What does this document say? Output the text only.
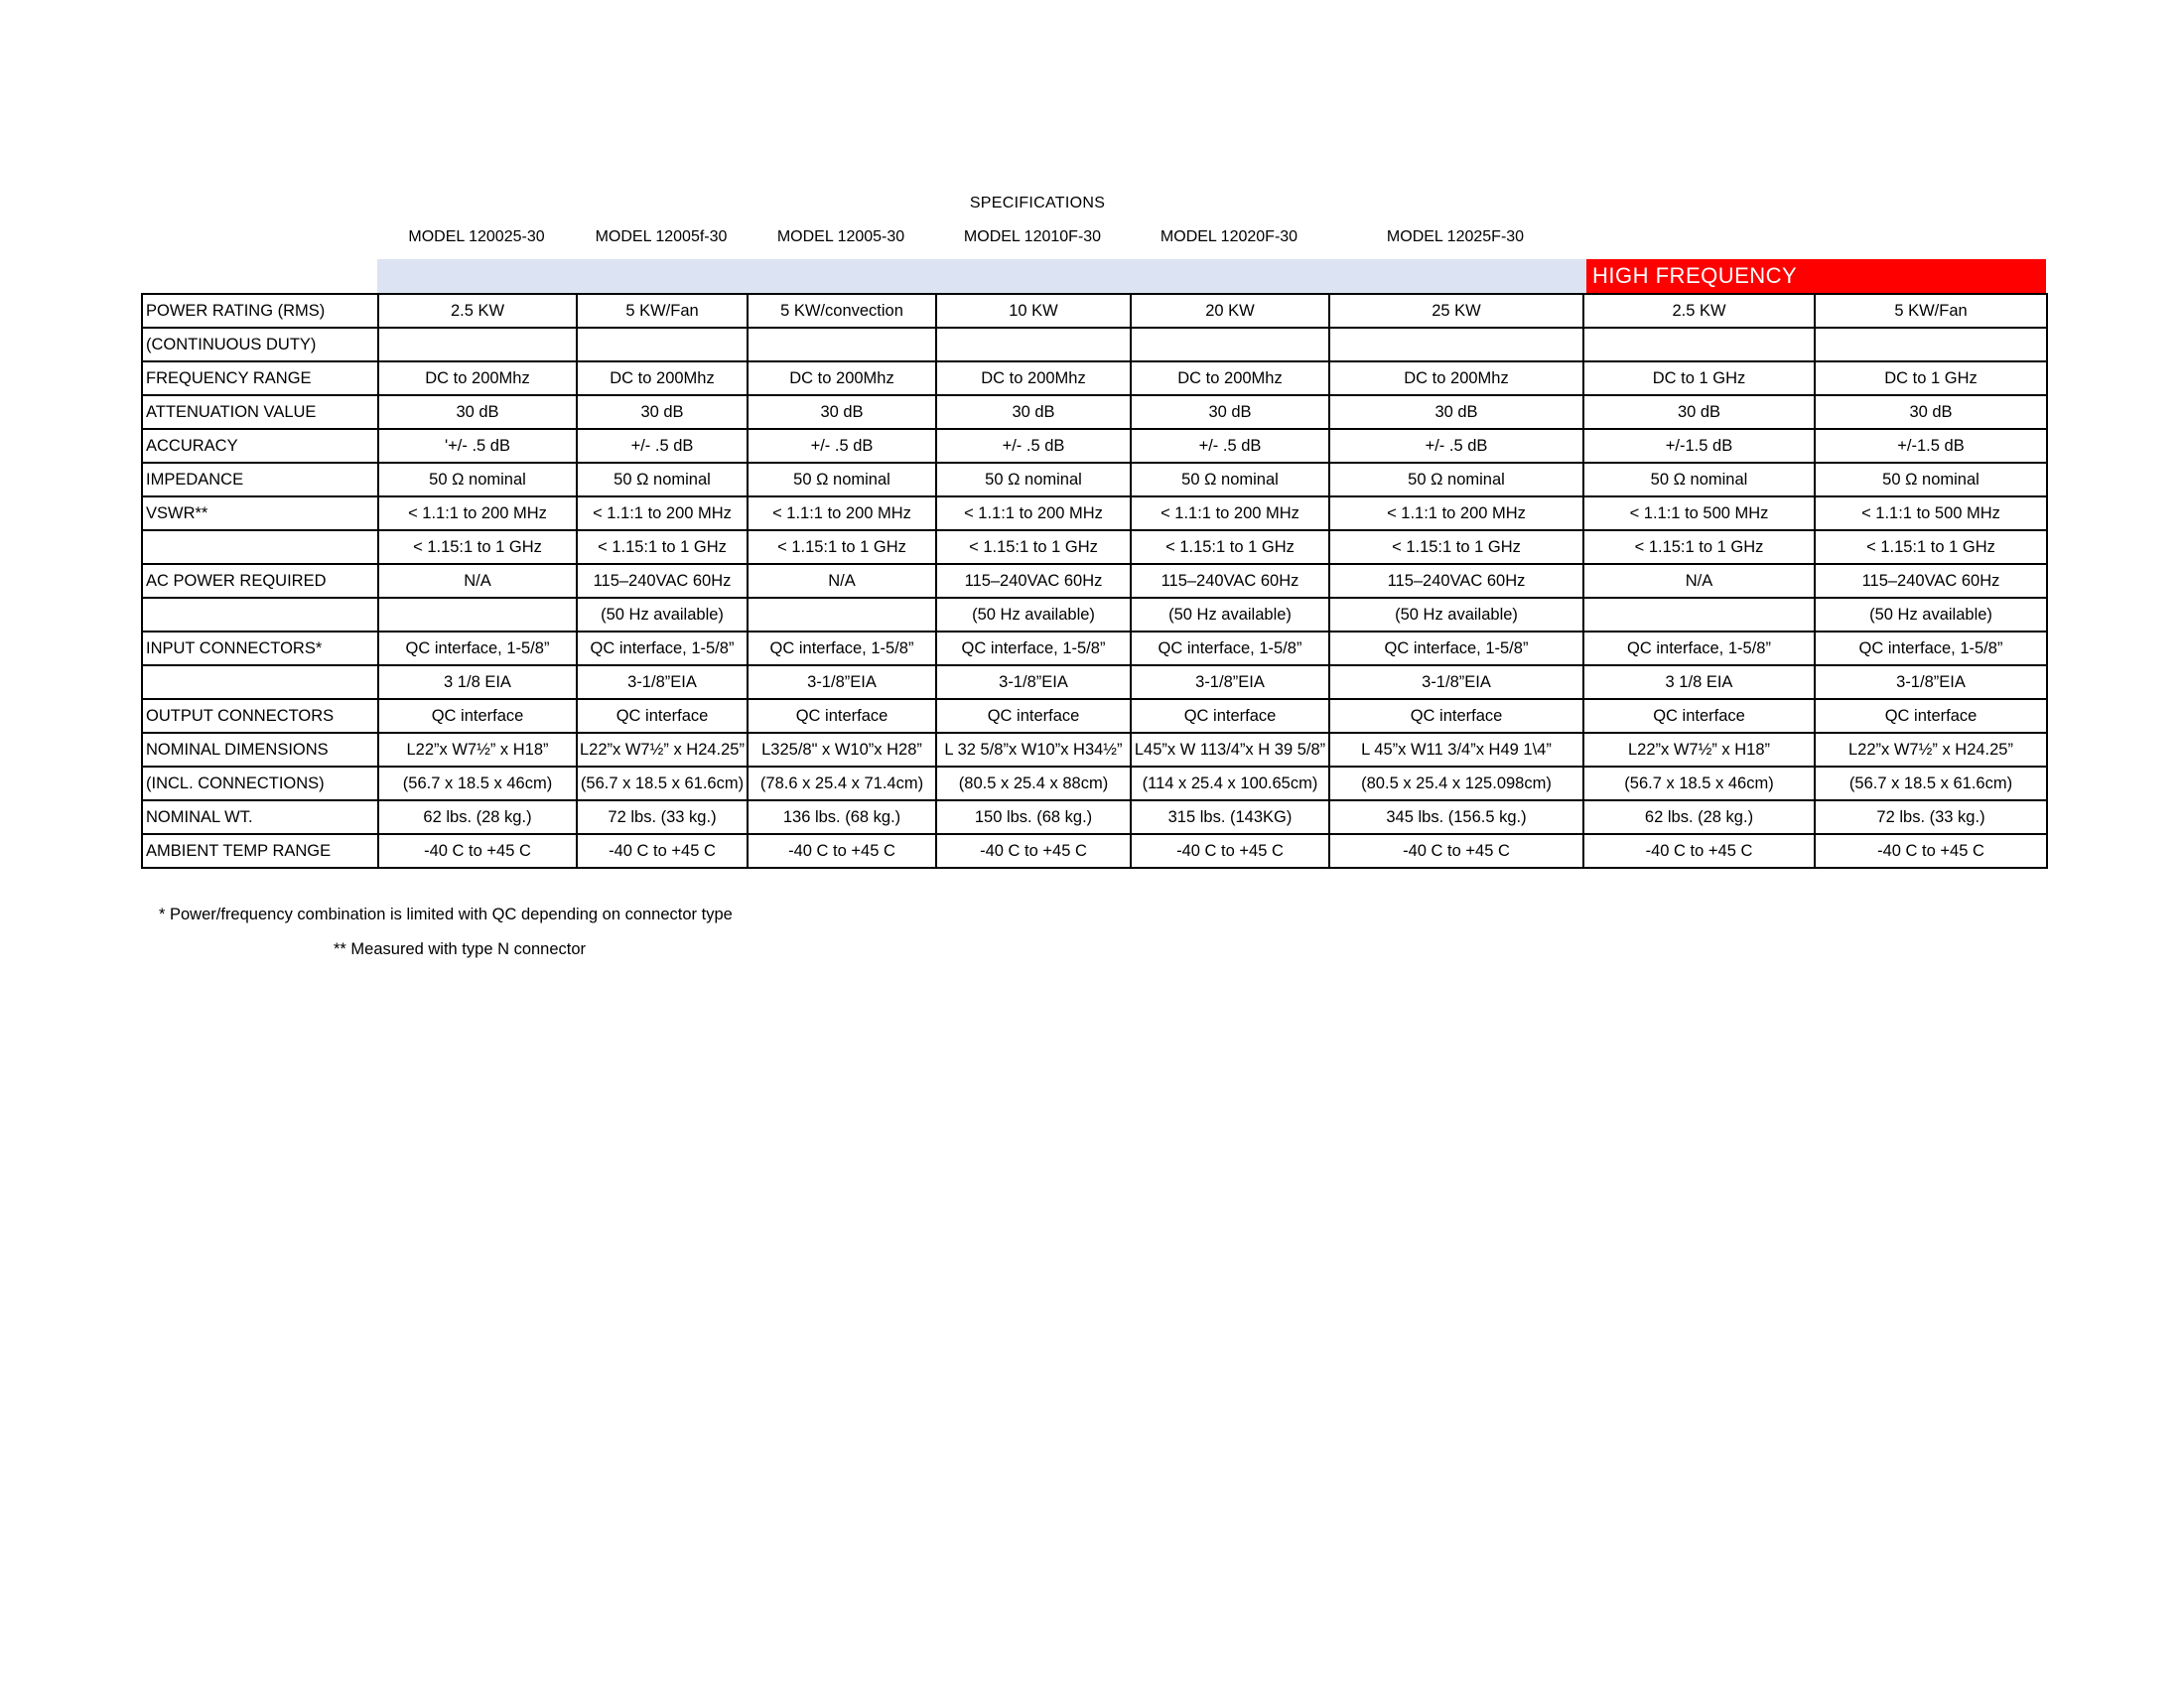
SPECIFICATIONS
MODEL 120025-30	MODEL 12005f-30	MODEL 12005-30	MODEL 12010F-30	MODEL 12020F-30	MODEL 12025F-30
HIGH FREQUENCY
POWER RATING (RMS)	2.5 KW	5 KW/Fan	5 KW/convection	10 KW	20 KW	25 KW	2.5 KW	5 KW/Fan
(CONTINUOUS DUTY)								
FREQUENCY RANGE	DC to 200Mhz	DC to 200Mhz	DC to 200Mhz	DC to 200Mhz	DC to 200Mhz	DC to 200Mhz	DC to 1 GHz	DC to 1 GHz
ATTENUATION VALUE	30 dB	30 dB	30 dB	30 dB	30 dB	30 dB	30 dB	30 dB
ACCURACY	'+/- .5 dB	+/- .5 dB	+/- .5 dB	+/- .5 dB	+/- .5 dB	+/- .5 dB	+/-1.5 dB	+/-1.5 dB
IMPEDANCE	50 Ω nominal	50 Ω nominal	50 Ω nominal	50 Ω nominal	50 Ω nominal	50 Ω nominal	50 Ω nominal	50 Ω nominal
VSWR**	< 1.1:1 to 200 MHz	< 1.1:1 to 200 MHz	< 1.1:1 to 200 MHz	< 1.1:1 to 200 MHz	< 1.1:1 to 200 MHz	< 1.1:1 to 200 MHz	< 1.1:1 to 500 MHz	< 1.1:1 to 500 MHz
	< 1.15:1 to 1 GHz	< 1.15:1 to 1 GHz	< 1.15:1 to 1 GHz	< 1.15:1 to 1 GHz	< 1.15:1 to 1 GHz	< 1.15:1 to 1 GHz	< 1.15:1 to 1 GHz	< 1.15:1 to 1 GHz
AC POWER REQUIRED	N/A	115–240VAC 60Hz	N/A	115–240VAC 60Hz	115–240VAC 60Hz	115–240VAC 60Hz	N/A	115–240VAC 60Hz
		(50 Hz available)		(50 Hz available)	(50 Hz available)	(50 Hz available)		(50 Hz available)
INPUT CONNECTORS*	QC interface, 1-5/8”	QC interface, 1-5/8”	QC interface, 1-5/8”	QC interface, 1-5/8”	QC interface, 1-5/8”	QC interface, 1-5/8”	QC interface, 1-5/8”	QC interface, 1-5/8”
	3 1/8 EIA	3-1/8”EIA	3-1/8”EIA	3-1/8”EIA	3-1/8”EIA	3-1/8”EIA	3 1/8 EIA	3-1/8”EIA
OUTPUT CONNECTORS	QC interface	QC interface	QC interface	QC interface	QC interface	QC interface	QC interface	QC interface
NOMINAL DIMENSIONS	L22”x W7½” x H18”	L22”x W7½” x H24.25”	L325/8" x W10”x H28”	L 32 5/8”x W10”x H34½”	L45”x W 113/4”x H 39 5/8”	L 45”x W11 3/4”x H49 1\4”	L22”x W7½” x H18”	L22”x W7½” x H24.25”
(INCL. CONNECTIONS)	(56.7 x 18.5 x 46cm)	(56.7 x 18.5 x 61.6cm)	(78.6 x 25.4 x 71.4cm)	(80.5 x 25.4 x 88cm)	(114 x 25.4 x 100.65cm)	(80.5 x 25.4 x 125.098cm)	(56.7 x 18.5 x 46cm)	(56.7 x 18.5 x 61.6cm)
NOMINAL WT.	62 lbs. (28 kg.)	72 lbs. (33 kg.)	136 lbs. (68 kg.)	150 lbs. (68 kg.)	315 lbs. (143KG)	345 lbs. (156.5 kg.)	62 lbs. (28 kg.)	72 lbs. (33 kg.)
AMBIENT TEMP RANGE	-40 C to +45 C	-40 C to +45 C	-40 C to +45 C	-40 C to +45 C	-40 C to +45 C	-40 C to +45 C	-40 C to +45 C	-40 C to +45 C
* Power/frequency combination is limited with QC depending on connector type
** Measured with type N connector
